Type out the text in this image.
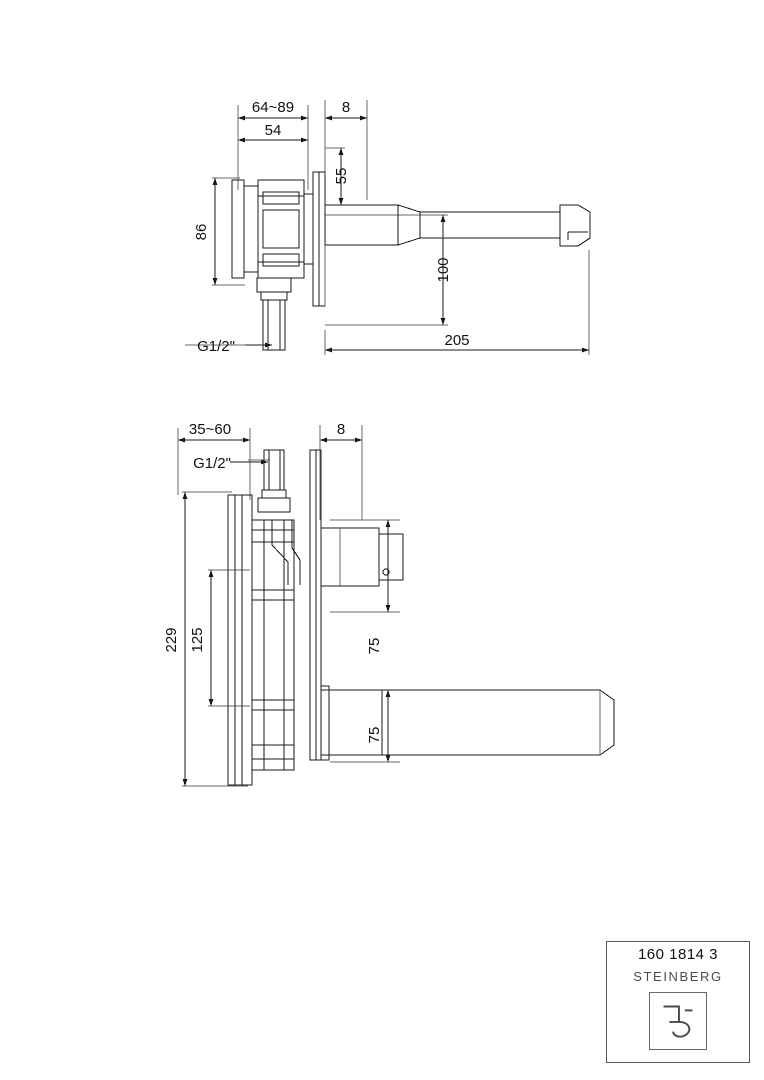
64~89	8
54
55
86
100
205
G1/2"
35~60	8
G1/2"
229 125	75
75
160 1814 3
STEINBERG
